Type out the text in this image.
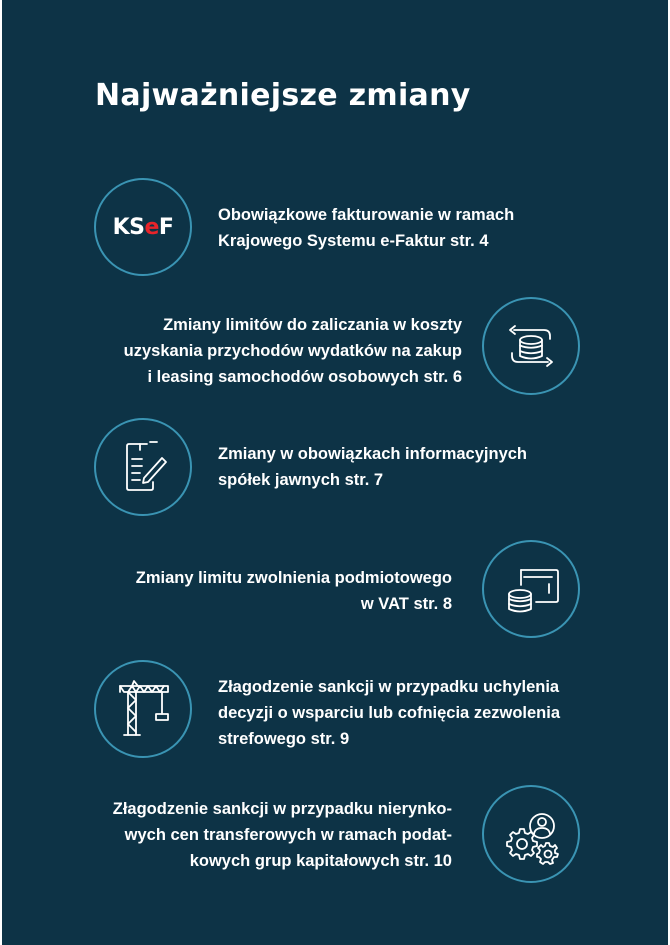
Najważniejsze zmiany
KS e F	Obowiązkowe fakturowanie w ramach
Krajowego Systemu e-Faktur str. 4
Zmiany limitów do zaliczania w koszty
uzyskania przychodów wydatków na zakup
i leasing samochodów osobowych str. 6
Zmiany w obowiązkach informacyjnych
spółek jawnych str. 7
Zmiany limitu zwolnienia podmiotowego
w VAT str. 8
Złagodzenie sankcji w przypadku uchylenia
decyzji o wsparciu lub cofnięcia zezwolenia
strefowego str. 9
Złagodzenie sankcji w przypadku nierynko-
wych cen transferowych w ramach podat-
kowych grup kapitałowych str. 10
